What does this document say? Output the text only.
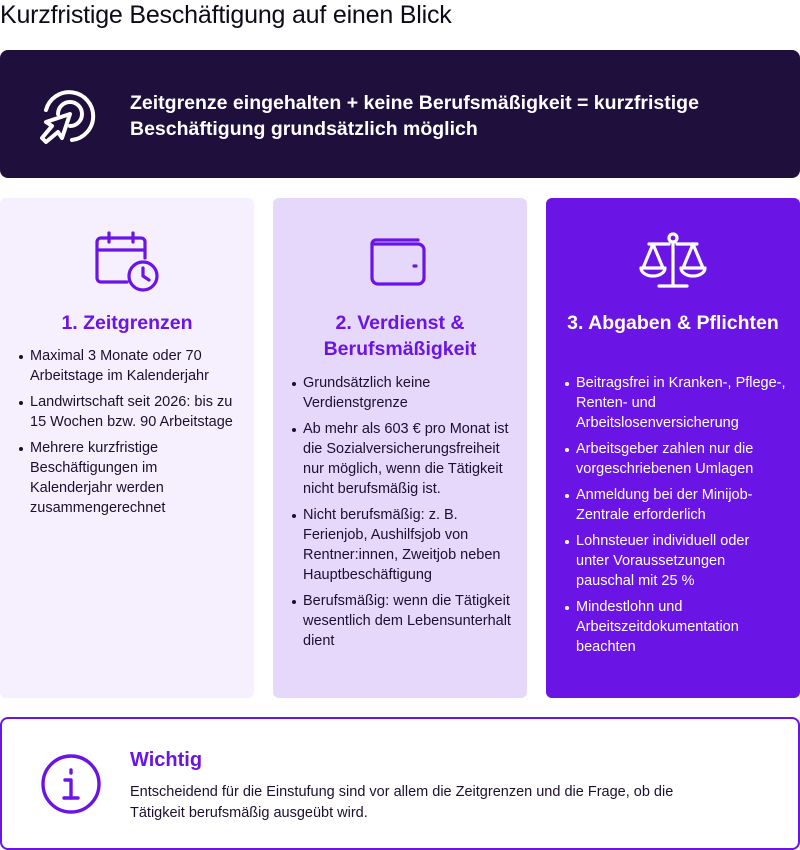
Kurzfristige Beschäftigung auf einen Blick
Zeitgrenze eingehalten + keine Berufsmäßigkeit = kurzfristige Beschäftigung grundsätzlich möglich
1. Zeitgrenzen
Maximal 3 Monate oder 70 Arbeitstage im Kalenderjahr
Landwirtschaft seit 2026: bis zu 15 Wochen bzw. 90 Arbeitstage
Mehrere kurzfristige Beschäftigungen im Kalenderjahr werden zusammengerechnet
2. Verdienst & Berufsmäßigkeit
Grundsätzlich keine Verdienstgrenze
Ab mehr als 603 € pro Monat ist die Sozialversicherungsfreiheit nur möglich, wenn die Tätigkeit nicht berufsmäßig ist.
Nicht berufsmäßig: z. B. Ferienjob, Aushilfsjob von Rentner:innen, Zweitjob neben Hauptbeschäftigung
Berufsmäßig: wenn die Tätigkeit wesentlich dem Lebensunterhalt dient
3. Abgaben & Pflichten
Beitragsfrei in Kranken-, Pflege-, Renten- und Arbeitslosenversicherung
Arbeitsgeber zahlen nur die vorgeschriebenen Umlagen
Anmeldung bei der Minijob-Zentrale erforderlich
Lohnsteuer individuell oder unter Voraussetzungen pauschal mit 25 %
Mindestlohn und Arbeitszeitdokumentation beachten
Wichtig
Entscheidend für die Einstufung sind vor allem die Zeitgrenzen und die Frage, ob die Tätigkeit berufsmäßig ausgeübt wird.
